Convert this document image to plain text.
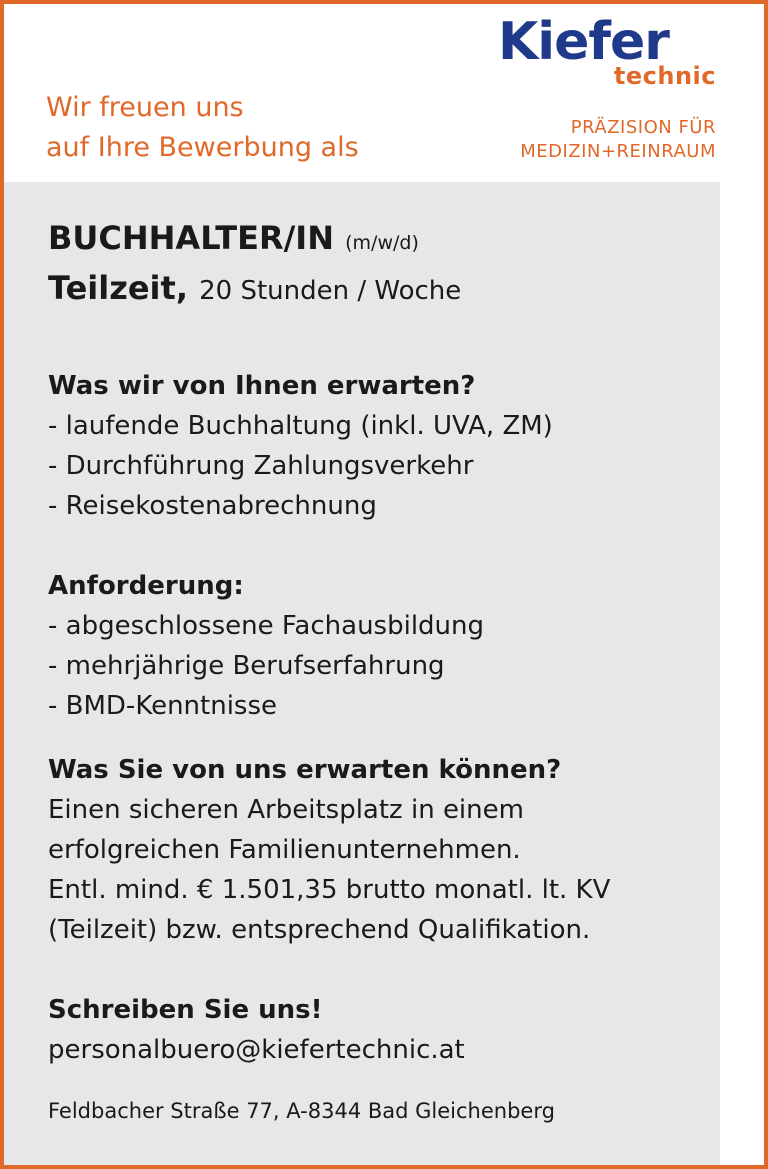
Wir freuen uns
auf Ihre Bewerbung als
Kiefer
technic
PRÄZISION FÜR
MEDIZIN+REINRAUM
BUCHHALTER/IN (m/w/d)
Teilzeit, 20 Stunden / Woche
Was wir von Ihnen erwarten?
- laufende Buchhaltung (inkl. UVA, ZM)
- Durchführung Zahlungsverkehr
- Reisekostenabrechnung
Anforderung:
- abgeschlossene Fachausbildung
- mehrjährige Berufserfahrung
- BMD-Kenntnisse
Was Sie von uns erwarten können?

Einen sicheren Arbeitsplatz in einem

erfolgreichen Familienunternehmen.

Entl. mind. € 1.501,35 brutto monatl. lt. KV

(Teilzeit) bzw. entsprechend Qualifikation.

Schreiben Sie uns!

personalbuero@kiefertechnic.at

Feldbacher Straße 77, A-8344 Bad Gleichenberg
